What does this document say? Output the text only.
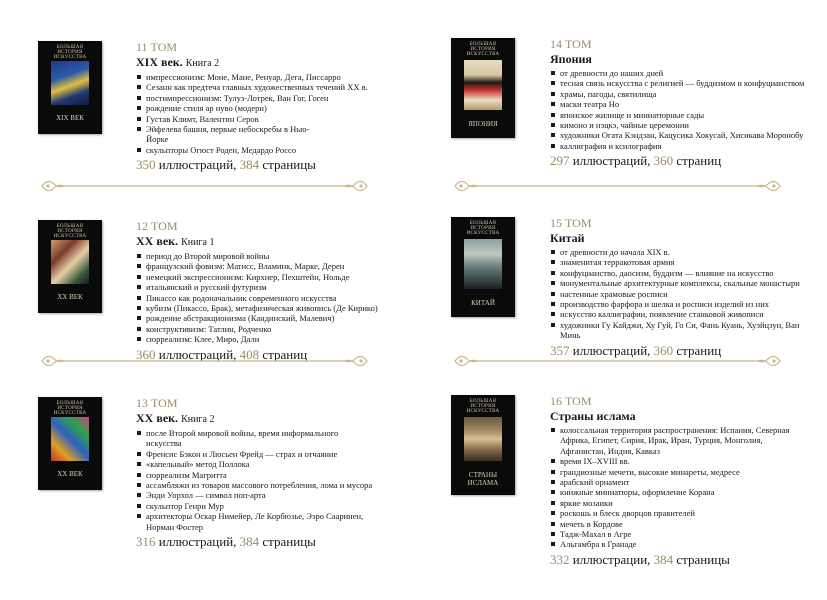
БОЛЬШАЯ
ИСТОРИЯ
ИСКУССТВА
XIX ВЕК
11 ТОМ
XIX век. Книга 2
импрессионизм: Моне, Мане, Ренуар, Дега, Писсарро
Сезанн как предтеча главных художественных течений XX в.
постимпрессионизм: Тулуз-Лотрек, Ван Гог, Гоген
рождение стиля ар нуво (модерн)
Густав Климт, Валентин Серов
Эйфелева башня, первые небоскребы в Нью-Йорке
скульпторы Огюст Роден, Медардо Россо
350 иллюстраций, 384 страницы
БОЛЬШАЯ
ИСТОРИЯ
ИСКУССТВА
XX ВЕК
12 ТОМ
XX век. Книга 1
период до Второй мировой войны
французский фовизм: Матисс, Вламинк, Марке, Дерен
немецкий экспрессионизм: Кирхнер, Пехштейн, Нольде
итальянский и русский футуризм
Пикассо как родоначальник современного искусства
кубизм (Пикассо, Брак), метафизическая живопись (Де Кирико)
рождение абстракционизма (Кандинский, Малевич)
конструктивизм: Татлин, Родченко
сюрреализм: Клее, Миро, Дали
360 иллюстраций, 408 страниц
БОЛЬШАЯ
ИСТОРИЯ
ИСКУССТВА
XX ВЕК
13 ТОМ
XX век. Книга 2
после Второй мировой войны, время информального искусства
Френсис Бэкон и Люсьен Фрейд — страх и отчаяние
«капельный» метод Поллока
сюрреализм Магритта
ассамбляжи из товаров массового потребления, лома и мусора
Энди Уорхол — символ поп-арта
скульптор Генри Мур
архитекторы Оскар Нимейер, Ле Корбюзье, Ээро Сааринен, Норман Фостер
316 иллюстраций, 384 страницы
БОЛЬШАЯ
ИСТОРИЯ
ИСКУССТВА
ЯПОНИЯ
14 ТОМ
Япония
от древности до наших дней
тесная связь искусства с религией — буддизмом и конфуцианством
храмы, пагоды, святилища
маски театра Но
японское жилище и миниатюрные сады
кимоно и нэцкэ, чайные церемонии
художники Огата Кэндзан, Кацусика Хокусай, Хисикава Моронобу
каллиграфия и ксилография
297 иллюстраций, 360 страниц
БОЛЬШАЯ
ИСТОРИЯ
ИСКУССТВА
КИТАЙ
15 ТОМ
Китай
от древности до начала XIX в.
знаменитая терракотовая армия
конфуцианство, даосизм, буддизм — влияние на искусство
монументальные архитектурные комплексы, скальные монастыри
настенные храмовые росписи
производство фарфора и шелка и росписи изделий из них
искусство каллиграфии, появление станковой живописи
художники Гу Кайджи, Ху Гуй, Го Си, Фань Куань, Хуэйцзун, Ван Минь
357 иллюстраций, 360 страниц
БОЛЬШАЯ
ИСТОРИЯ
ИСКУССТВА
СТРАНЫ
ИСЛАМА
16 ТОМ
Страны ислама
колоссальная территория распространения: Испания, Северная Африка, Египет, Сирия, Ирак, Иран, Турция, Монголия, Афганистан, Индия, Кавказ
время IX–XVIII вв.
грандиозные мечети, высокие минареты, медресе
арабский орнамент
книжные миниатюры, оформление Корана
яркие мозаики
роскошь и блеск дворцов правителей
мечеть в Кордове
Тадж-Махал в Агре
Альгамбра в Гранаде
332 иллюстрации, 384 страницы
